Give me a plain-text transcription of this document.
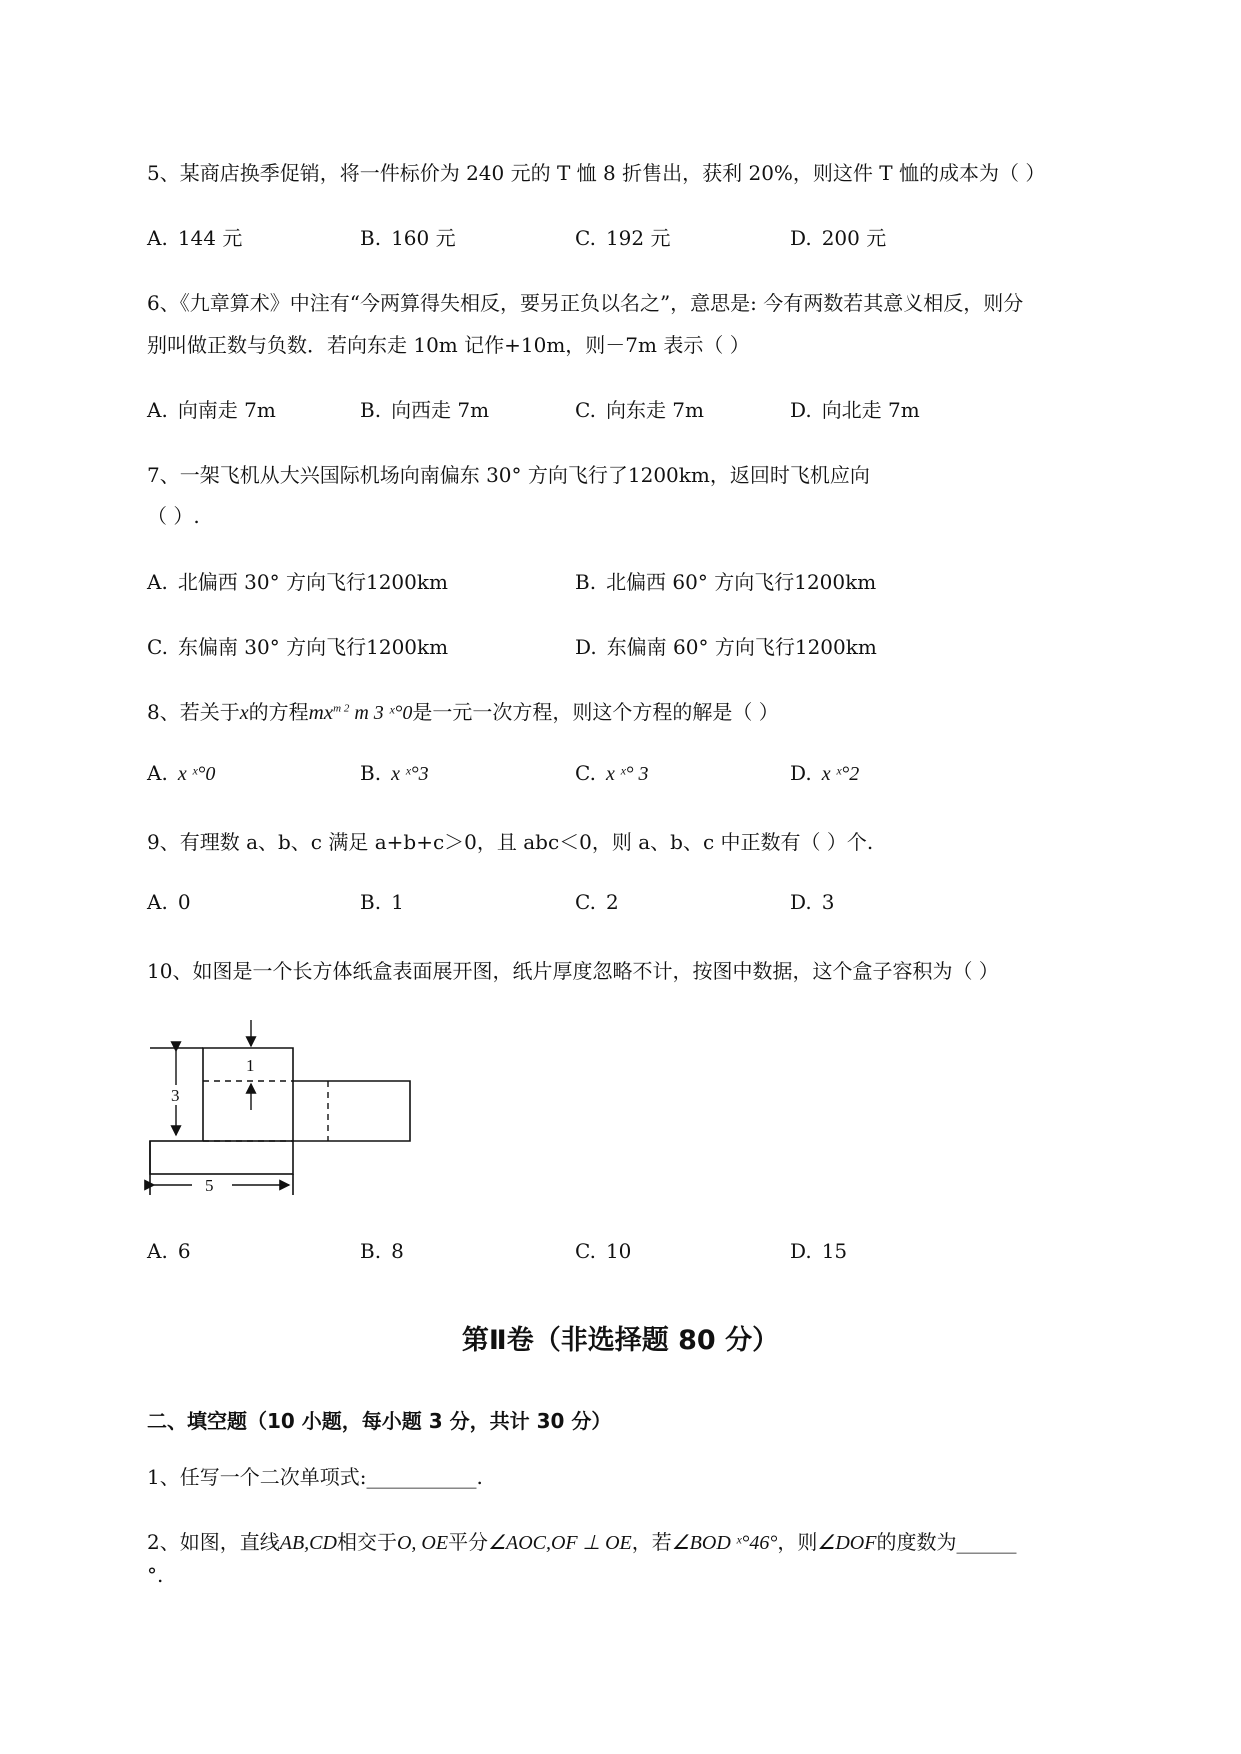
5、某商店换季促销，将一件标价为 240 元的 T 恤 8 折售出，获利 20%，则这件 T 恤的成本为（ ）
A. 144 元	B. 160 元	C. 192 元	D. 200 元
6、《九章算术》中注有“今两算得失相反，要另正负以名之”，意思是: 今有两数若其意义相反，则分
别叫做正数与负数．若向东走 10m 记作+10m，则－7m 表示（ ）
A. 向南走 7m	B. 向西走 7m	C. 向东走 7m	D. 向北走 7m
7、一架飞机从大兴国际机场向南偏东 30° 方向飞行了1200km，返回时飞机应向
（ ）.
A. 北偏西 30° 方向飞行1200km	B. 北偏西 60° 方向飞行1200km
C. 东偏南 30° 方向飞行1200km	D. 东偏南 60° 方向飞行1200km
8、若关于x的方程$mx^{m 2}$ m 3 ˣ°0是一元一次方程，则这个方程的解是（ ）
A. x ˣ°0	B. x ˣ°3	C. x ˣ° 3	D. x ˣ°2
9、有理数 a、b、c 满足 a+b+c＞0，且 abc＜0，则 a、b、c 中正数有（ ）个.
A. 0	B. 1	C. 2	D. 3
10、如图是一个长方体纸盒表面展开图，纸片厚度忽略不计，按图中数据，这个盒子容积为（ ）
3
1
5
A. 6	B. 8	C. 10	D. 15
第Ⅱ卷（非选择题 80 分）
二、填空题（10 小题，每小题 3 分，共计 30 分）
1、任写一个二次单项式:___________.
2、如图，直线AB,CD相交于O, OE平分∠AOC,OF ⊥ OE，若∠BOD ˣ°46°，则∠DOF的度数为______
°.
